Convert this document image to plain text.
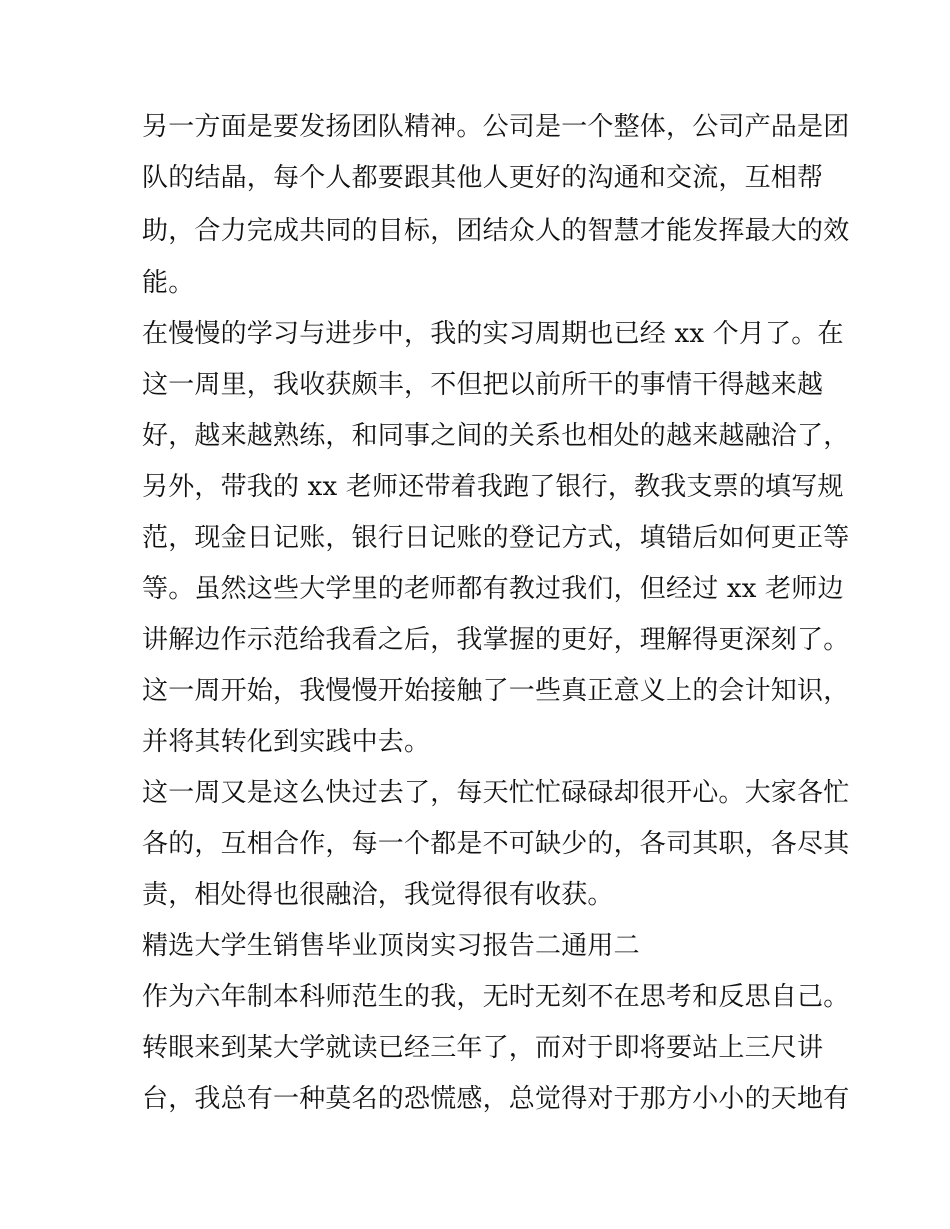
另一方面是要发扬团队精神。公司是一个整体，公司产品是团
队的结晶，每个人都要跟其他人更好的沟通和交流，互相帮
助，合力完成共同的目标，团结众人的智慧才能发挥最大的效
能。
在慢慢的学习与进步中，我的实习周期也已经 xx 个月了。在
这一周里，我收获颇丰，不但把以前所干的事情干得越来越
好，越来越熟练，和同事之间的关系也相处的越来越融洽了，
另外，带我的 xx 老师还带着我跑了银行，教我支票的填写规
范，现金日记账，银行日记账的登记方式，填错后如何更正等
等。虽然这些大学里的老师都有教过我们，但经过 xx 老师边
讲解边作示范给我看之后，我掌握的更好，理解得更深刻了。
这一周开始，我慢慢开始接触了一些真正意义上的会计知识，
并将其转化到实践中去。
这一周又是这么快过去了，每天忙忙碌碌却很开心。大家各忙
各的，互相合作，每一个都是不可缺少的，各司其职，各尽其
责，相处得也很融洽，我觉得很有收获。
精选大学生销售毕业顶岗实习报告二通用二
作为六年制本科师范生的我，无时无刻不在思考和反思自己。
转眼来到某大学就读已经三年了，而对于即将要站上三尺讲
台，我总有一种莫名的恐慌感，总觉得对于那方小小的天地有
